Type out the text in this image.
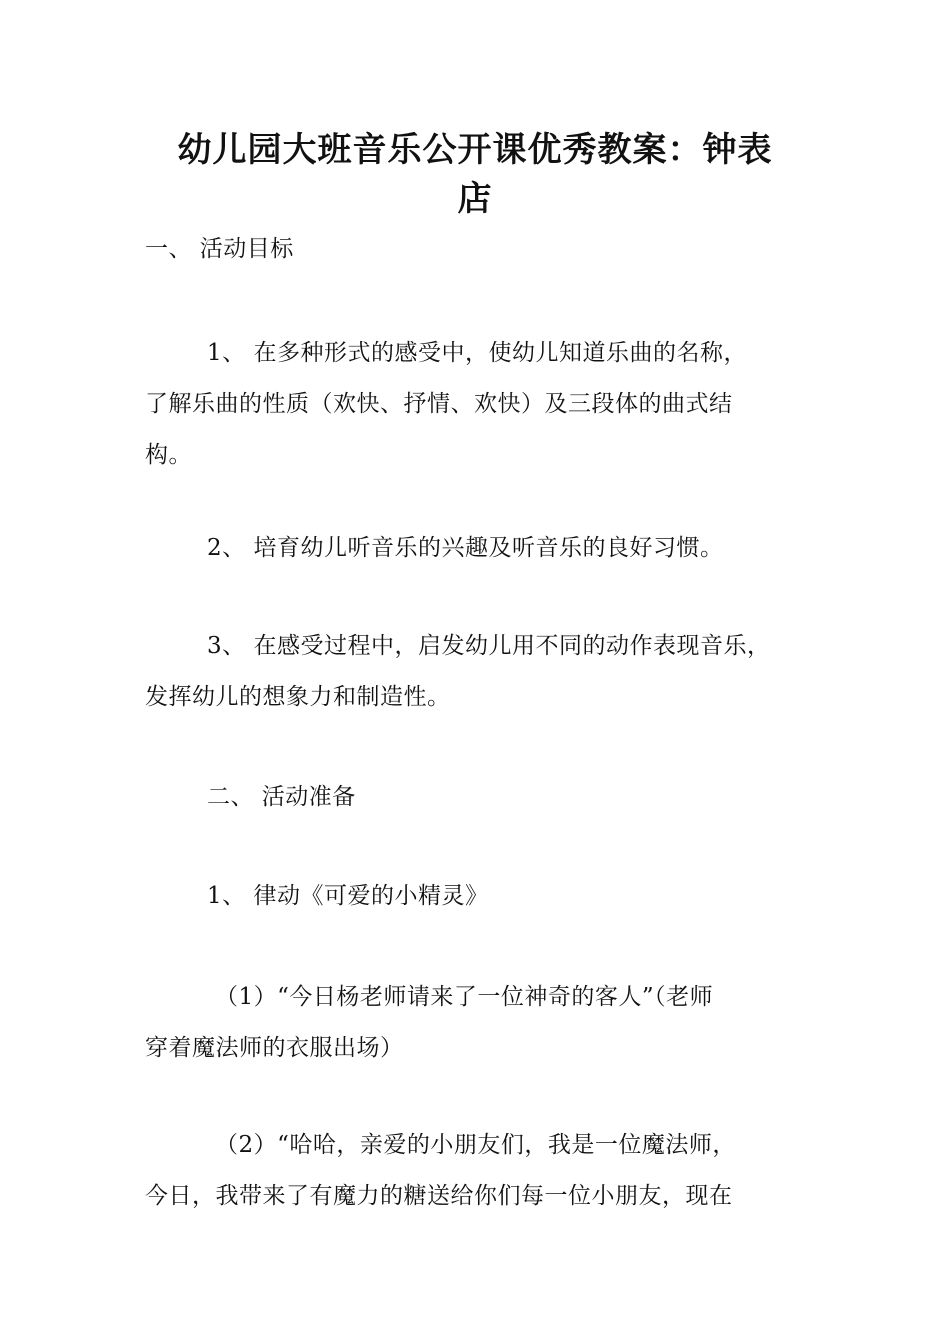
幼儿园大班音乐公开课优秀教案：钟表
店
一、 活动目标
1、 在多种形式的感受中，使幼儿知道乐曲的名称，
了解乐曲的性质（欢快、抒情、欢快）及三段体的曲式结
构。
2、 培育幼儿听音乐的兴趣及听音乐的良好习惯。
3、 在感受过程中，启发幼儿用不同的动作表现音乐，
发挥幼儿的想象力和制造性。
二、 活动准备
1、 律动《可爱的小精灵》
（1）“今日杨老师请来了一位神奇的客人”（老师
穿着魔法师的衣服出场）
（2）“哈哈，亲爱的小朋友们，我是一位魔法师，
今日，我带来了有魔力的糖送给你们每一位小朋友，现在
